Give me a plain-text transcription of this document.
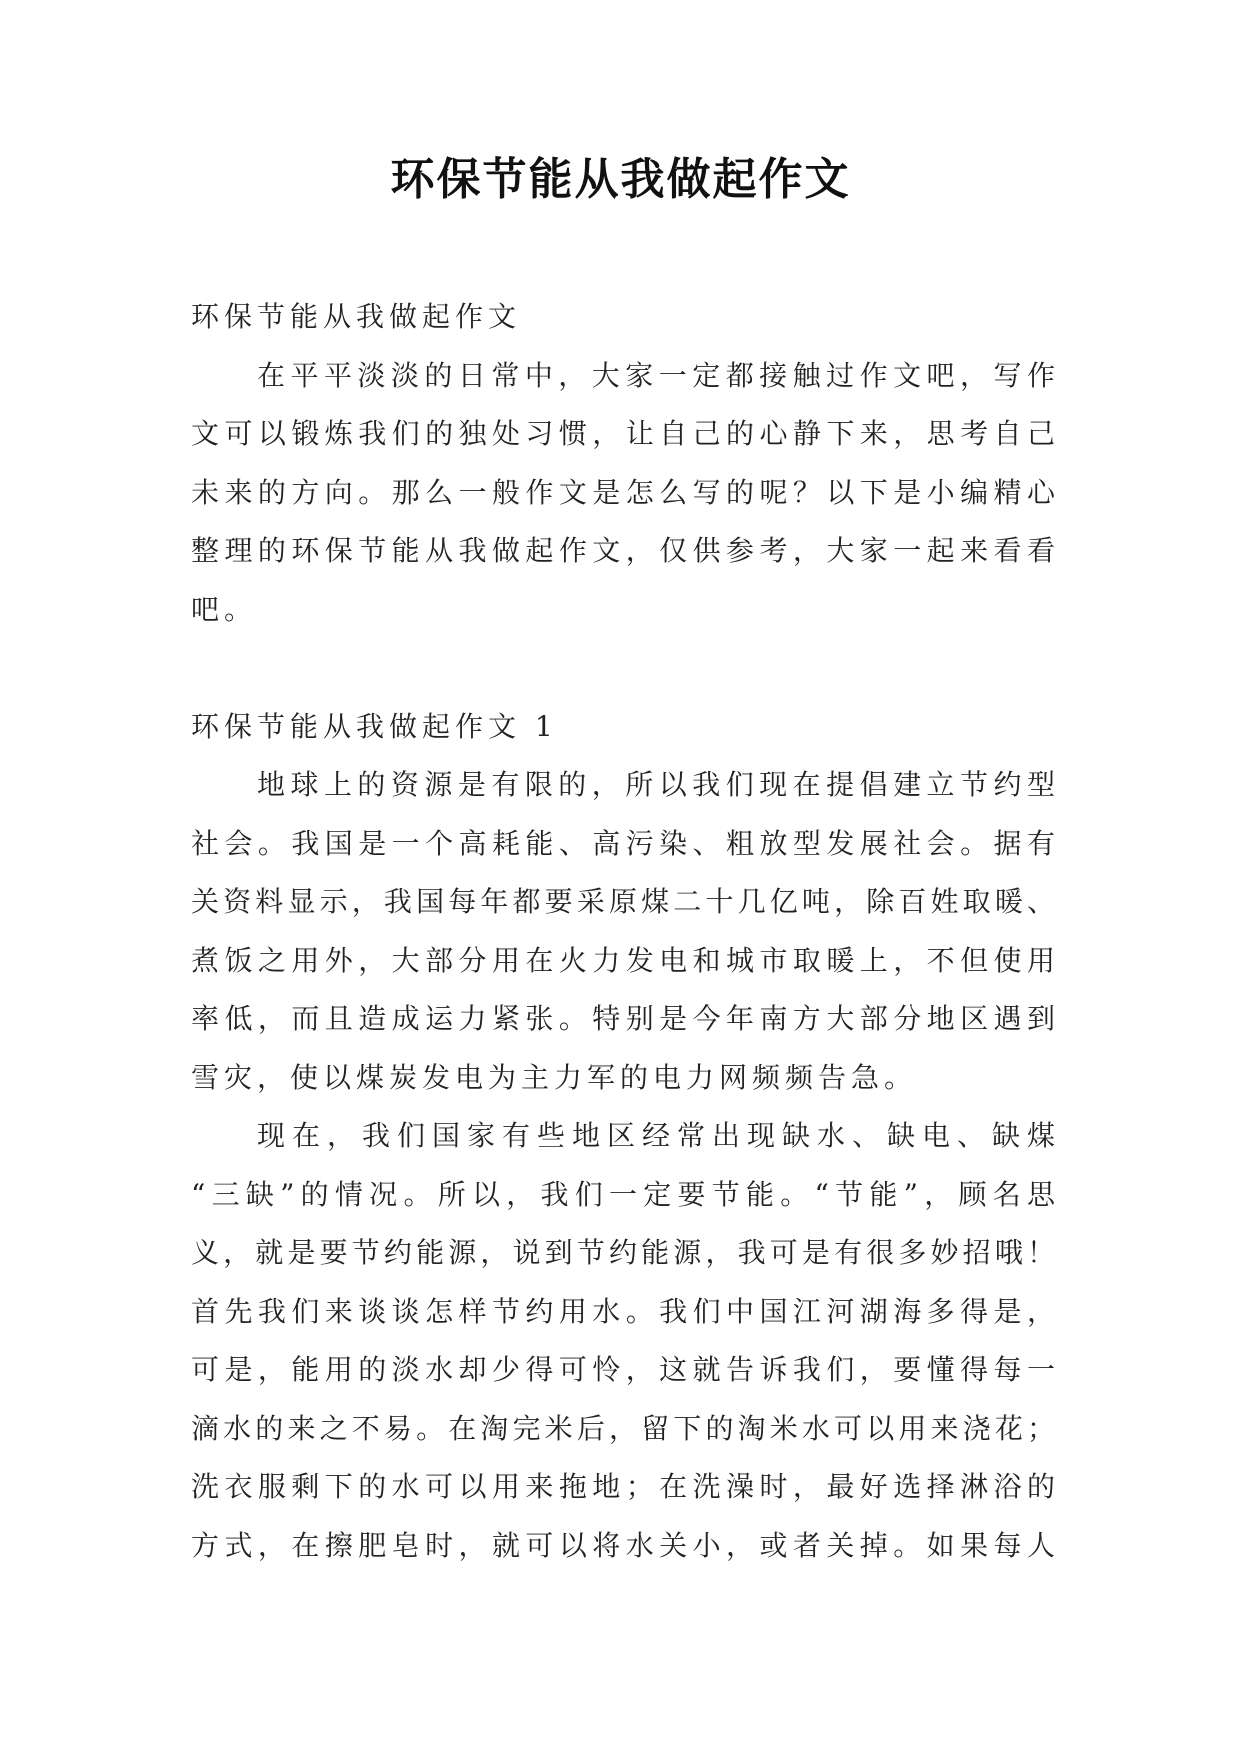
环保节能从我做起作文
环保节能从我做起作文
在平平淡淡的日常中，大家一定都接触过作文吧，写作
文可以锻炼我们的独处习惯，让自己的心静下来，思考自己
未来的方向。那么一般作文是怎么写的呢？以下是小编精心
整理的环保节能从我做起作文，仅供参考，大家一起来看看
吧。
环保节能从我做起作文 1
地球上的资源是有限的，所以我们现在提倡建立节约型
社会。我国是一个高耗能、高污染、粗放型发展社会。据有
关资料显示，我国每年都要采原煤二十几亿吨，除百姓取暖、
煮饭之用外，大部分用在火力发电和城市取暖上，不但使用
率低，而且造成运力紧张。特别是今年南方大部分地区遇到
雪灾，使以煤炭发电为主力军的电力网频频告急。
现在，我们国家有些地区经常出现缺水、缺电、缺煤
“三缺”的情况。所以，我们一定要节能。“节能”，顾名思
义，就是要节约能源，说到节约能源，我可是有很多妙招哦！
首先我们来谈谈怎样节约用水。我们中国江河湖海多得是，
可是，能用的淡水却少得可怜，这就告诉我们，要懂得每一
滴水的来之不易。在淘完米后，留下的淘米水可以用来浇花；
洗衣服剩下的水可以用来拖地；在洗澡时，最好选择淋浴的
方式，在擦肥皂时，就可以将水关小，或者关掉。如果每人
